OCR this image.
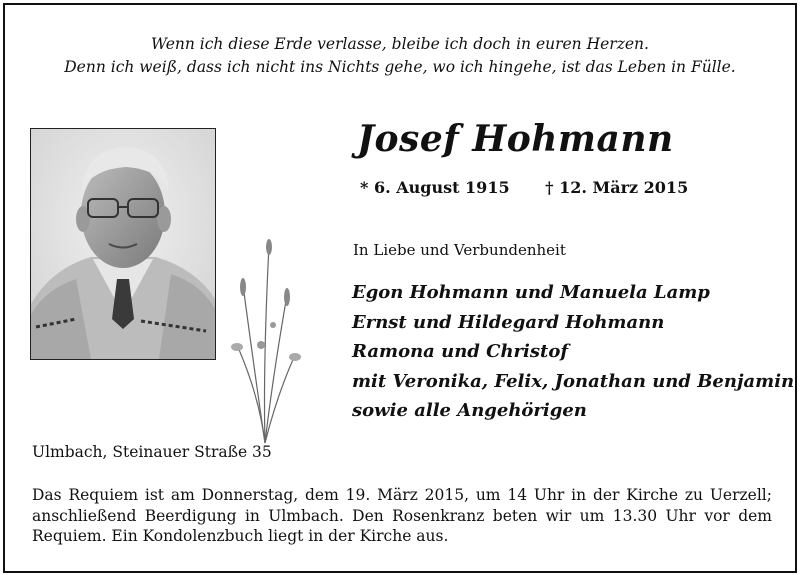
Wenn ich diese Erde verlasse, bleibe ich doch in euren Herzen.
Denn ich weiß, dass ich nicht ins Nichts gehe, wo ich hingehe, ist das Leben in Fülle.
Josef Hohmann
* 6. August 1915 † 12. März 2015
In Liebe und Verbundenheit
Egon Hohmann und Manuela Lamp
Ernst und Hildegard Hohmann
Ramona und Christof
mit Veronika, Felix, Jonathan und Benjamin
sowie alle Angehörigen
Ulmbach, Steinauer Straße 35
Das Requiem ist am Donnerstag, dem 19. März 2015, um 14 Uhr in der Kirche zu Uerzell; anschließend Beerdigung in Ulmbach. Den Rosenkranz beten wir um 13.30 Uhr vor dem Requiem. Ein Kondolenzbuch liegt in der Kirche aus.
